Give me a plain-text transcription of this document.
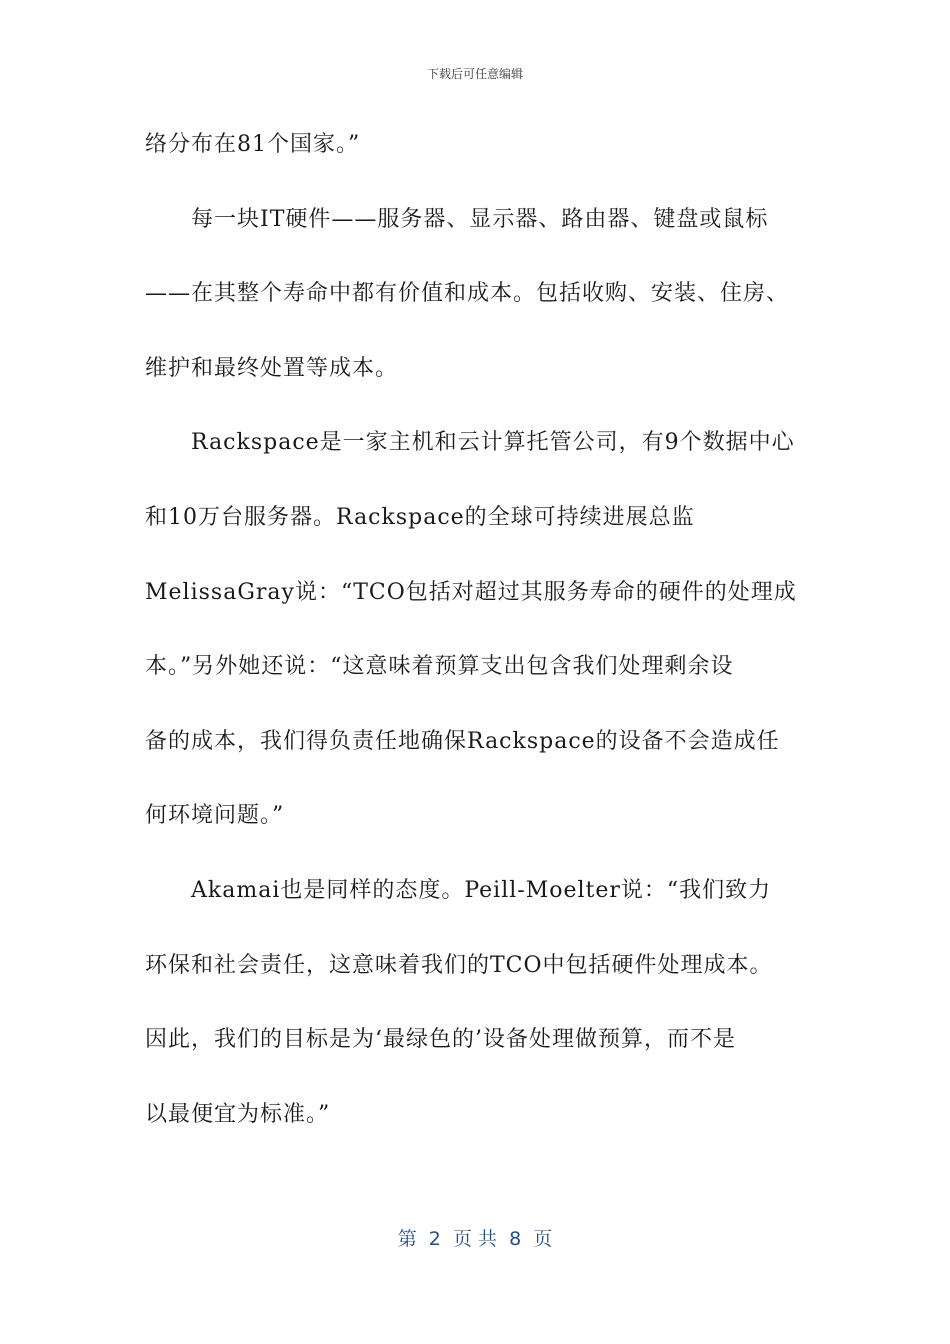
下载后可任意编辑

络分布在81个国家。”

每一块IT硬件——服务器、显示器、路由器、键盘或鼠标
——在其整个寿命中都有价值和成本。包括收购、安装、住房、
维护和最终处置等成本。

Rackspace是一家主机和云计算托管公司，有9个数据中心
和10万台服务器。Rackspace的全球可持续进展总监
MelissaGray说：“TCO包括对超过其服务寿命的硬件的处理成
本。”另外她还说：“这意味着预算支出包含我们处理剩余设
备的成本，我们得负责任地确保Rackspace的设备不会造成任
何环境问题。”

Akamai也是同样的态度。Peill-Moelter说：“我们致力
环保和社会责任，这意味着我们的TCO中包括硬件处理成本。
因此，我们的目标是为‘最绿色的’设备处理做预算，而不是
以最便宜为标准。”

第  2  页 共  8  页
